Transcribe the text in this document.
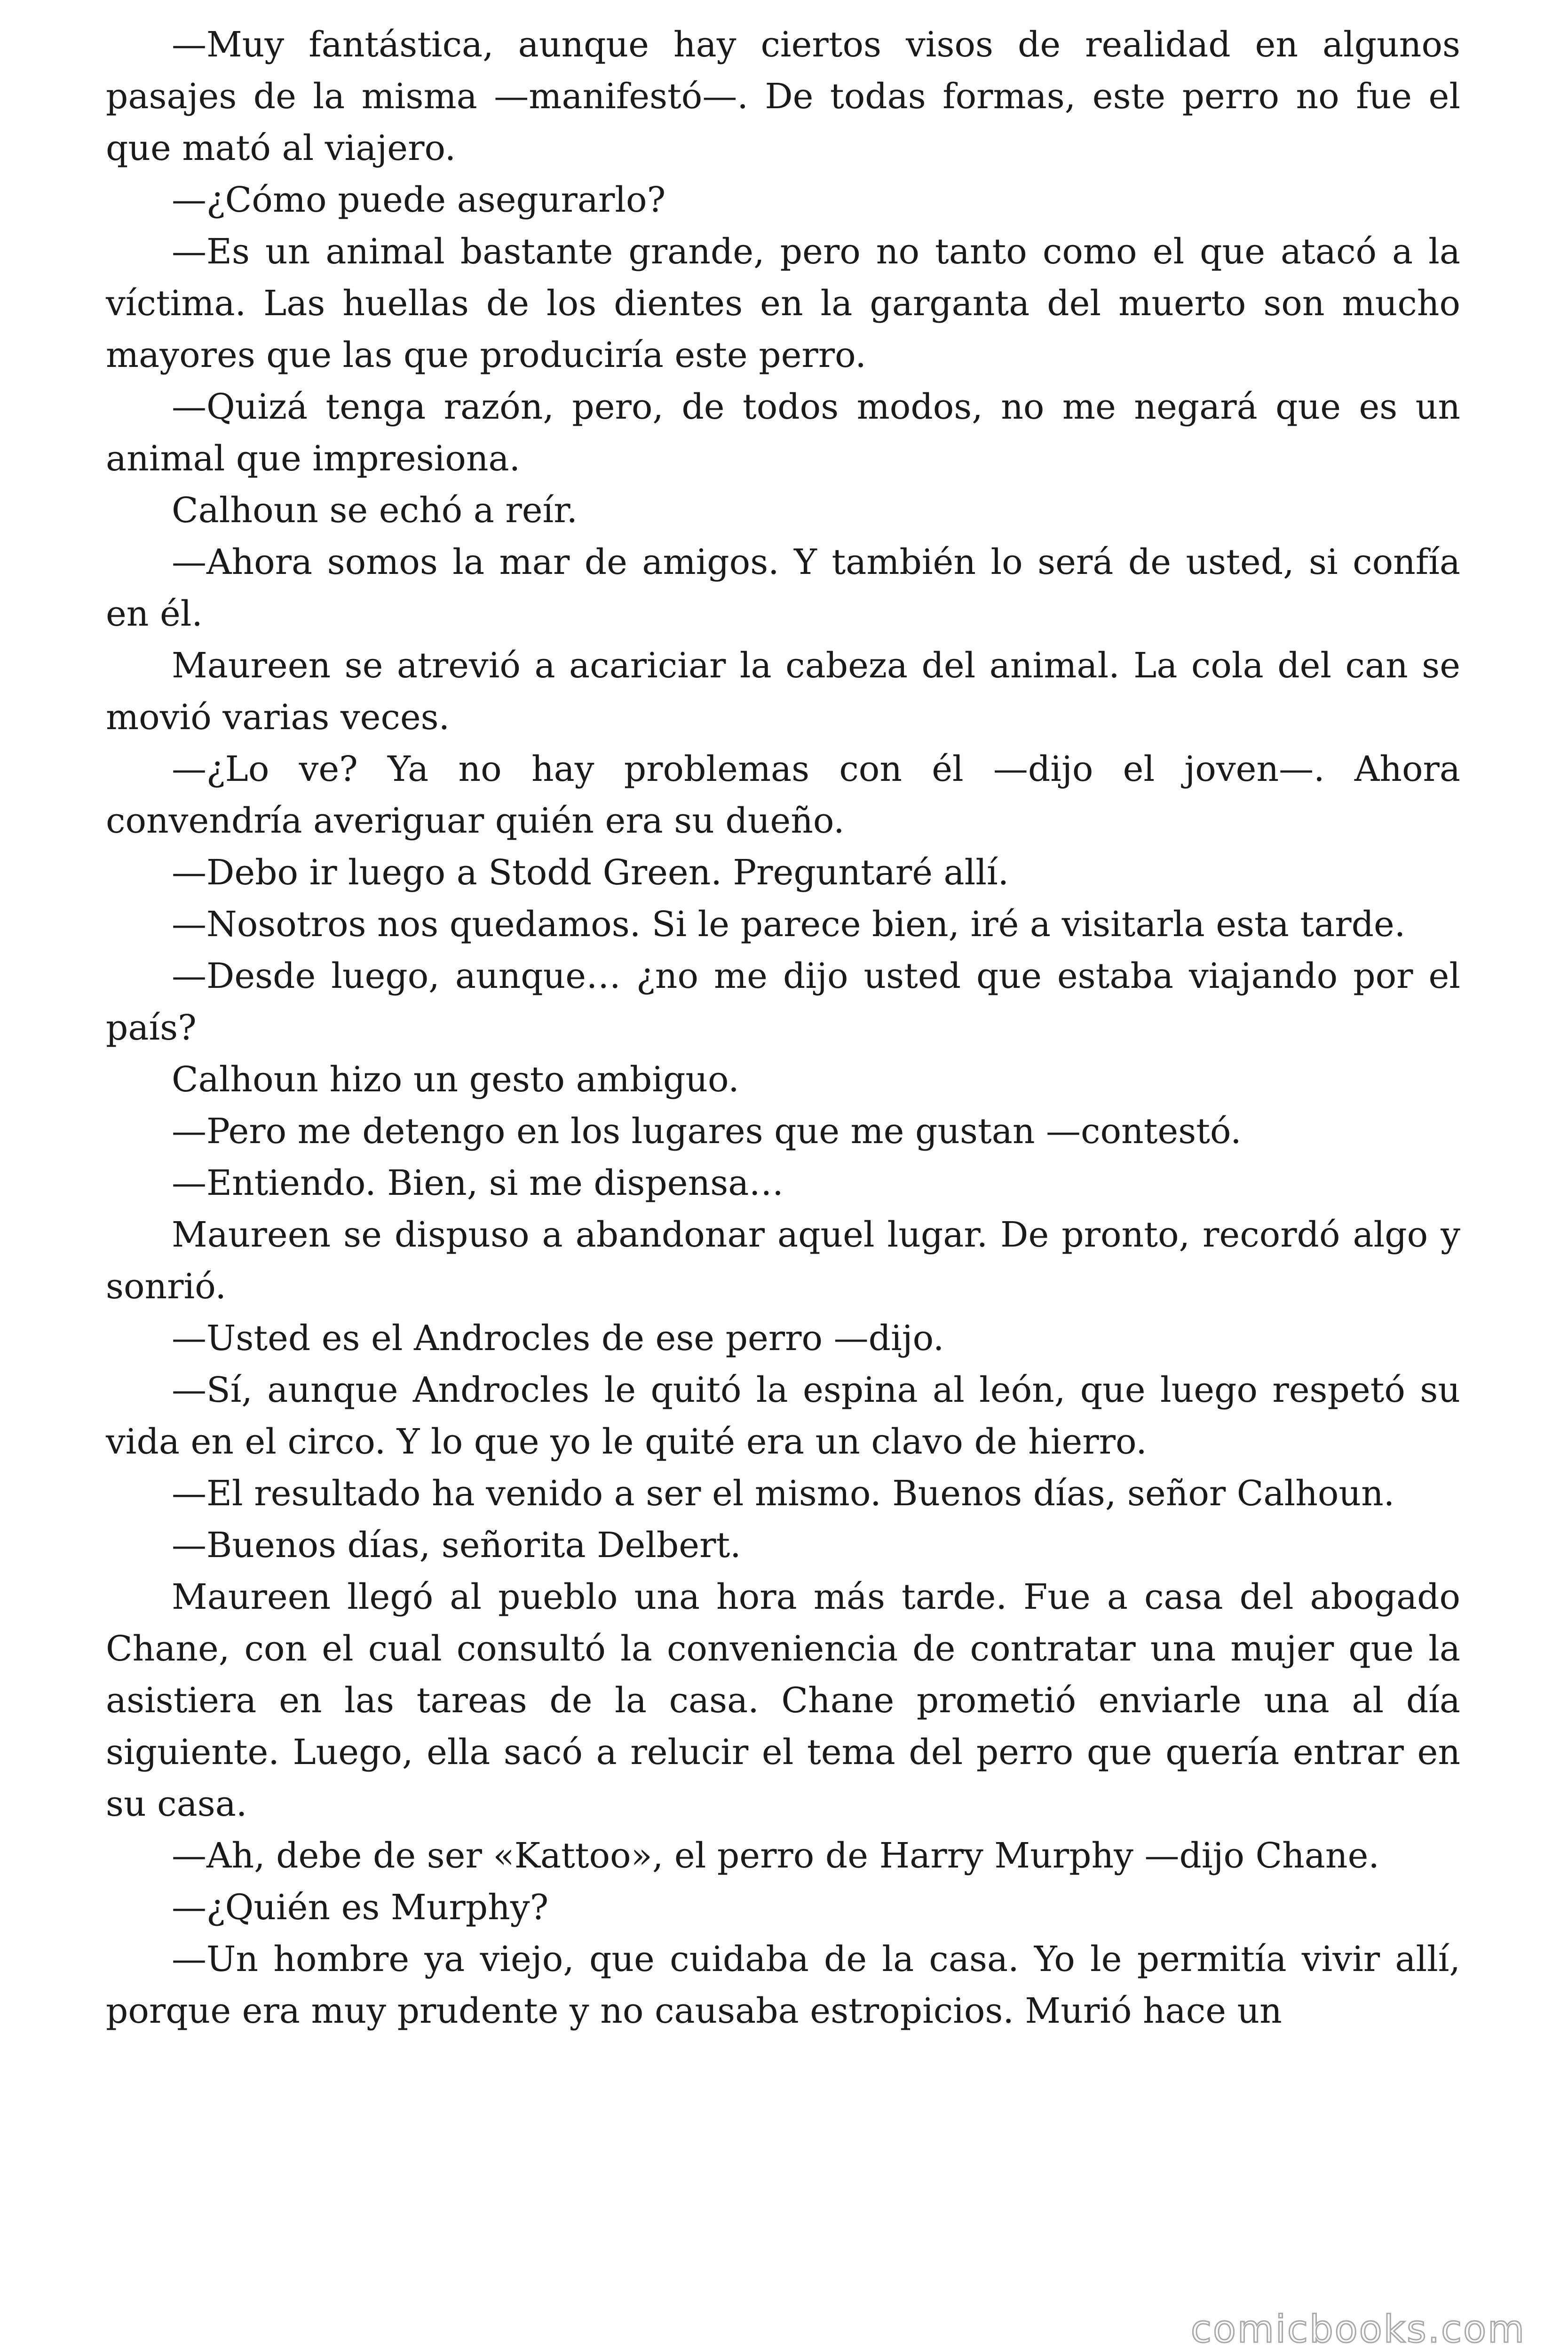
—Muy fantástica, aunque hay ciertos visos de realidad en algunos pasajes de la misma —manifestó—. De todas formas, este perro no fue el que mató al viajero.

—¿Cómo puede asegurarlo?

—Es un animal bastante grande, pero no tanto como el que atacó a la víctima. Las huellas de los dientes en la garganta del muerto son mucho mayores que las que produciría este perro.

—Quizá tenga razón, pero, de todos modos, no me negará que es un animal que impresiona.

Calhoun se echó a reír.

—Ahora somos la mar de amigos. Y también lo será de usted, si confía en él.

Maureen se atrevió a acariciar la cabeza del animal. La cola del can se movió varias veces.

—¿Lo ve? Ya no hay problemas con él —dijo el joven—. Ahora convendría averiguar quién era su dueño.

—Debo ir luego a Stodd Green. Preguntaré allí.

—Nosotros nos quedamos. Si le parece bien, iré a visitarla esta tarde.

—Desde luego, aunque… ¿no me dijo usted que estaba viajando por el país?

Calhoun hizo un gesto ambiguo.

—Pero me detengo en los lugares que me gustan —contestó.

—Entiendo. Bien, si me dispensa…

Maureen se dispuso a abandonar aquel lugar. De pronto, recordó algo y sonrió.

—Usted es el Androcles de ese perro —dijo.

—Sí, aunque Androcles le quitó la espina al león, que luego respetó su vida en el circo. Y lo que yo le quité era un clavo de hierro.

—El resultado ha venido a ser el mismo. Buenos días, señor Calhoun.

—Buenos días, señorita Delbert.

Maureen llegó al pueblo una hora más tarde. Fue a casa del abogado Chane, con el cual consultó la conveniencia de contratar una mujer que la asistiera en las tareas de la casa. Chane prometió enviarle una al día siguiente. Luego, ella sacó a relucir el tema del perro que quería entrar en su casa.

—Ah, debe de ser «Kattoo», el perro de Harry Murphy —dijo Chane.

—¿Quién es Murphy?

—Un hombre ya viejo, que cuidaba de la casa. Yo le permitía vivir allí, porque era muy prudente y no causaba estropicios. Murió hace un

comicbooks.com
